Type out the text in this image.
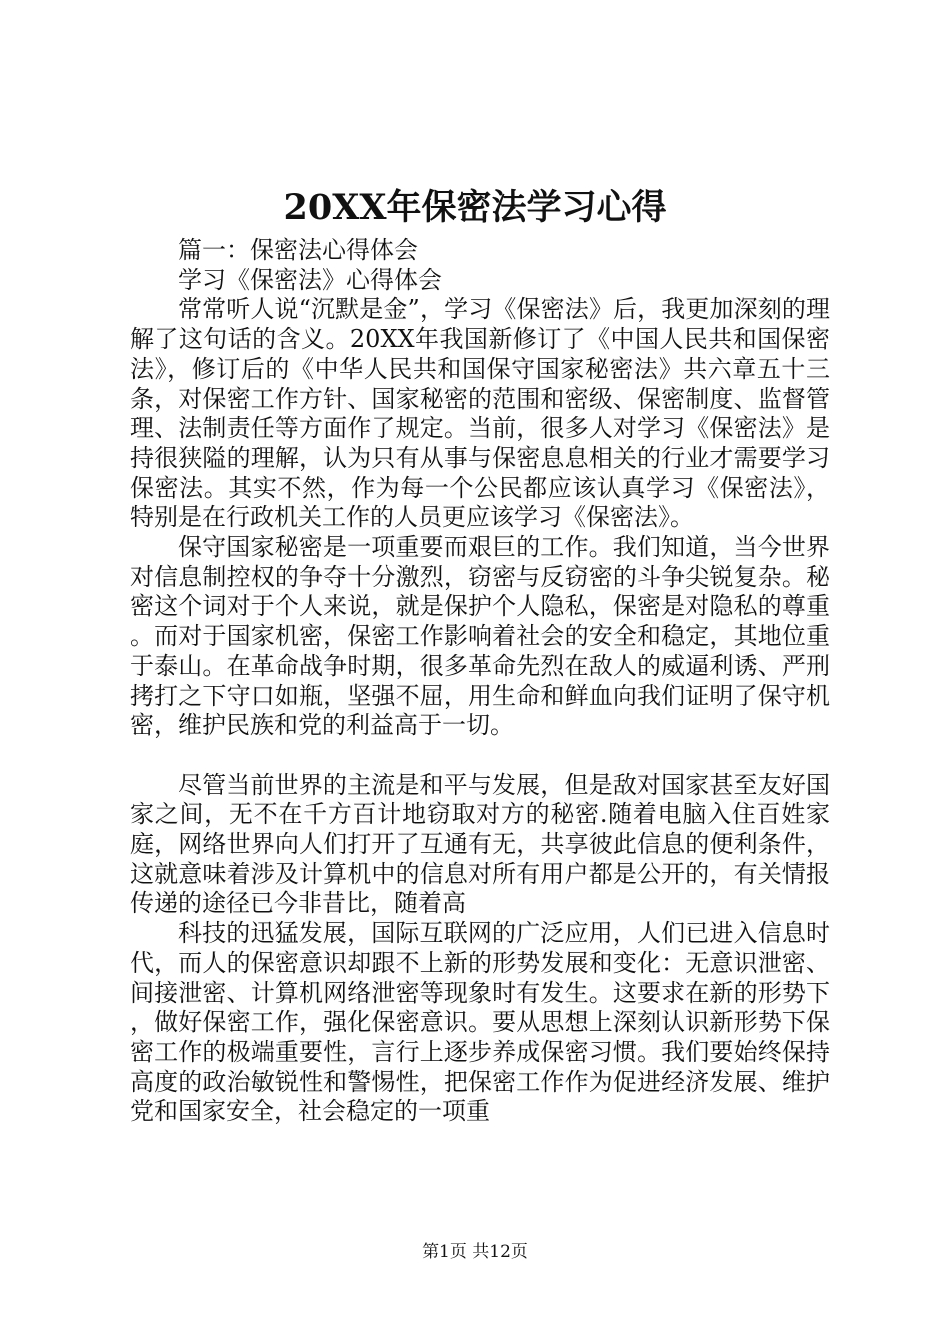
20XX年保密法学习心得

篇一：保密法心得体会

学习《保密法》心得体会

常常听人说“沉默是金”，学习《保密法》后，我更加深刻的理解了这句话的含义。20XX年我国新修订了《中国人民共和国保密法》，修订后的《中华人民共和国保守国家秘密法》共六章五十三条，对保密工作方针、国家秘密的范围和密级、保密制度、监督管理、法制责任等方面作了规定。当前，很多人对学习《保密法》是持很狭隘的理解，认为只有从事与保密息息相关的行业才需要学习保密法。其实不然，作为每一个公民都应该认真学习《保密法》，特别是在行政机关工作的人员更应该学习《保密法》。

保守国家秘密是一项重要而艰巨的工作。我们知道，当今世界对信息制控权的争夺十分激烈，窃密与反窃密的斗争尖锐复杂。秘密这个词对于个人来说，就是保护个人隐私，保密是对隐私的尊重。而对于国家机密，保密工作影响着社会的安全和稳定，其地位重于泰山。在革命战争时期，很多革命先烈在敌人的威逼利诱、严刑拷打之下守口如瓶，坚强不屈，用生命和鲜血向我们证明了保守机密，维护民族和党的利益高于一切。

尽管当前世界的主流是和平与发展，但是敌对国家甚至友好国家之间，无不在千方百计地窃取对方的秘密.随着电脑入住百姓家庭，网络世界向人们打开了互通有无，共享彼此信息的便利条件，这就意味着涉及计算机中的信息对所有用户都是公开的，有关情报传递的途径已今非昔比，随着高

科技的迅猛发展，国际互联网的广泛应用，人们已进入信息时代，而人的保密意识却跟不上新的形势发展和变化：无意识泄密、间接泄密、计算机网络泄密等现象时有发生。这要求在新的形势下，做好保密工作，强化保密意识。要从思想上深刻认识新形势下保密工作的极端重要性，言行上逐步养成保密习惯。我们要始终保持高度的政治敏锐性和警惕性，把保密工作作为促进经济发展、维护党和国家安全，社会稳定的一项重

第1页 共12页
